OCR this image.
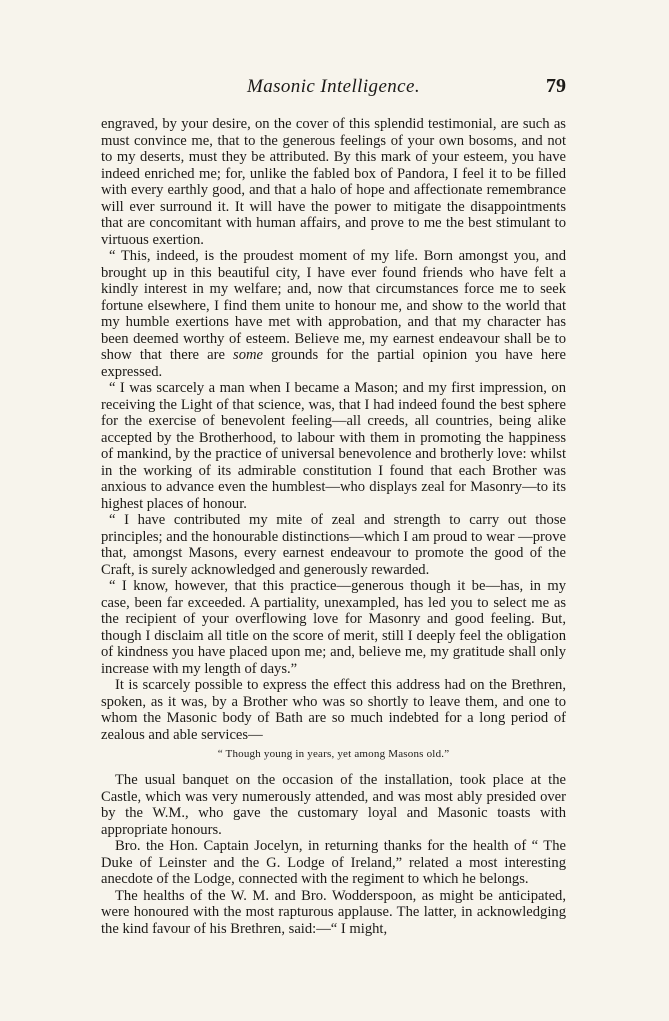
Masonic Intelligence.	79

engraved, by your desire, on the cover of this splendid testimonial, are such as must convince me, that to the generous feelings of your own bosoms, and not to my deserts, must they be attributed. By this mark of your esteem, you have indeed enriched me; for, unlike the fabled box of Pandora, I feel it to be filled with every earthly good, and that a halo of hope and affectionate remembrance will ever surround it. It will have the power to mitigate the disappointments that are concomitant with human affairs, and prove to me the best stimulant to virtuous exertion.

“ This, indeed, is the proudest moment of my life. Born amongst you, and brought up in this beautiful city, I have ever found friends who have felt a kindly interest in my welfare; and, now that circumstances force me to seek fortune elsewhere, I find them unite to honour me, and show to the world that my humble exertions have met with approbation, and that my character has been deemed worthy of esteem. Believe me, my earnest endeavour shall be to show that there are some grounds for the partial opinion you have here expressed.

“ I was scarcely a man when I became a Mason; and my first impression, on receiving the Light of that science, was, that I had indeed found the best sphere for the exercise of benevolent feeling—all creeds, all countries, being alike accepted by the Brotherhood, to labour with them in promoting the happiness of mankind, by the practice of universal benevolence and brotherly love: whilst in the working of its admirable constitution I found that each Brother was anxious to advance even the humblest—who displays zeal for Masonry—to its highest places of honour.

“ I have contributed my mite of zeal and strength to carry out those principles; and the honourable distinctions—which I am proud to wear —prove that, amongst Masons, every earnest endeavour to promote the good of the Craft, is surely acknowledged and generously rewarded.

“ I know, however, that this practice—generous though it be—has, in my case, been far exceeded. A partiality, unexampled, has led you to select me as the recipient of your overflowing love for Masonry and good feeling. But, though I disclaim all title on the score of merit, still I deeply feel the obligation of kindness you have placed upon me; and, believe me, my gratitude shall only increase with my length of days.”

It is scarcely possible to express the effect this address had on the Brethren, spoken, as it was, by a Brother who was so shortly to leave them, and one to whom the Masonic body of Bath are so much indebted for a long period of zealous and able services—

“ Though young in years, yet among Masons old.”

The usual banquet on the occasion of the installation, took place at the Castle, which was very numerously attended, and was most ably presided over by the W.M., who gave the customary loyal and Masonic toasts with appropriate honours.

Bro. the Hon. Captain Jocelyn, in returning thanks for the health of “ The Duke of Leinster and the G. Lodge of Ireland,” related a most interesting anecdote of the Lodge, connected with the regiment to which he belongs.

The healths of the W. M. and Bro. Wodderspoon, as might be anticipated, were honoured with the most rapturous applause. The latter, in acknowledging the kind favour of his Brethren, said:—“ I might,
